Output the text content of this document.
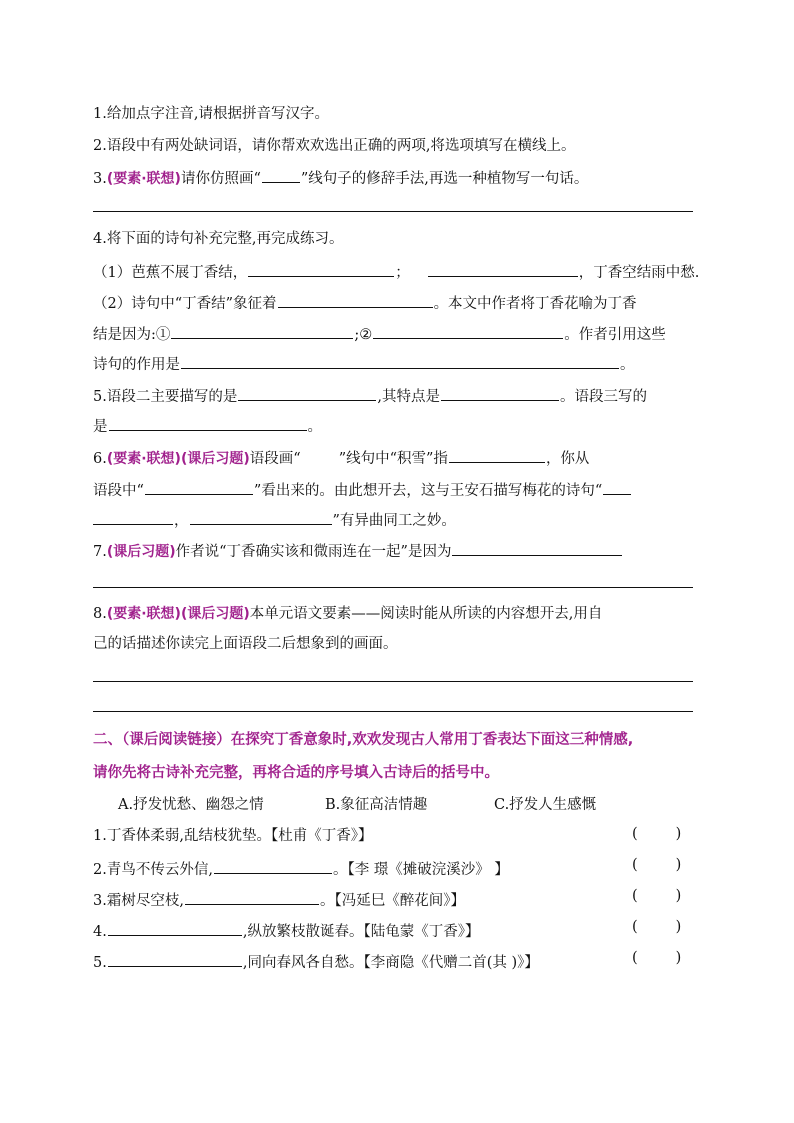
1.给加点字注音,请根据拼音写汉字。
2.语段中有两处缺词语，请你帮欢欢选出正确的两项,将选项填写在横线上。
3.(要素·联想)请你仿照画“	”线句子的修辞手法,再选一种植物写一句话。
4.将下面的诗句补充完整,再完成练习。
（1）芭蕉不展丁香结，	；	，丁香空结雨中愁.
（2）诗句中“丁香结”象征着	。本文中作者将丁香花喻为丁香
结是因为:①	;②	。作者引用这些
诗句的作用是	。
5.语段二主要描写的是	,其特点是	。语段三写的
是	。
6.(要素·联想)(课后习题)语段画“	”线句中“积雪”指	，你从
语段中“	”看出来的。由此想开去，这与王安石描写梅花的诗句“
，	”有异曲同工之妙。
7.(课后习题)作者说“丁香确实该和微雨连在一起”是因为
8.(要素·联想)(课后习题)本单元语文要素——阅读时能从所读的内容想开去,用自
己的话描述你读完上面语段二后想象到的画面。
二、（课后阅读链接）在探究丁香意象时,欢欢发现古人常用丁香表达下面这三种情感,
请你先将古诗补充完整，再将合适的序号填入古诗后的括号中。
A.抒发忧愁、幽怨之情	B.象征高洁情趣	C.抒发人生感慨
1.丁香体柔弱,乱结枝犹垫。【杜甫《丁香》】	(	)
2.青鸟不传云外信,	。【李 璟《摊破浣溪沙》 】	(	)
3.霜树尽空枝,	。【冯延巳《醉花间》】	(	)
4.	,纵放繁枝散诞春。【陆龟蒙《丁香》】	(	)
5.	,同向春风各自愁。【李商隐《代赠二首(其 )》】	(	)
